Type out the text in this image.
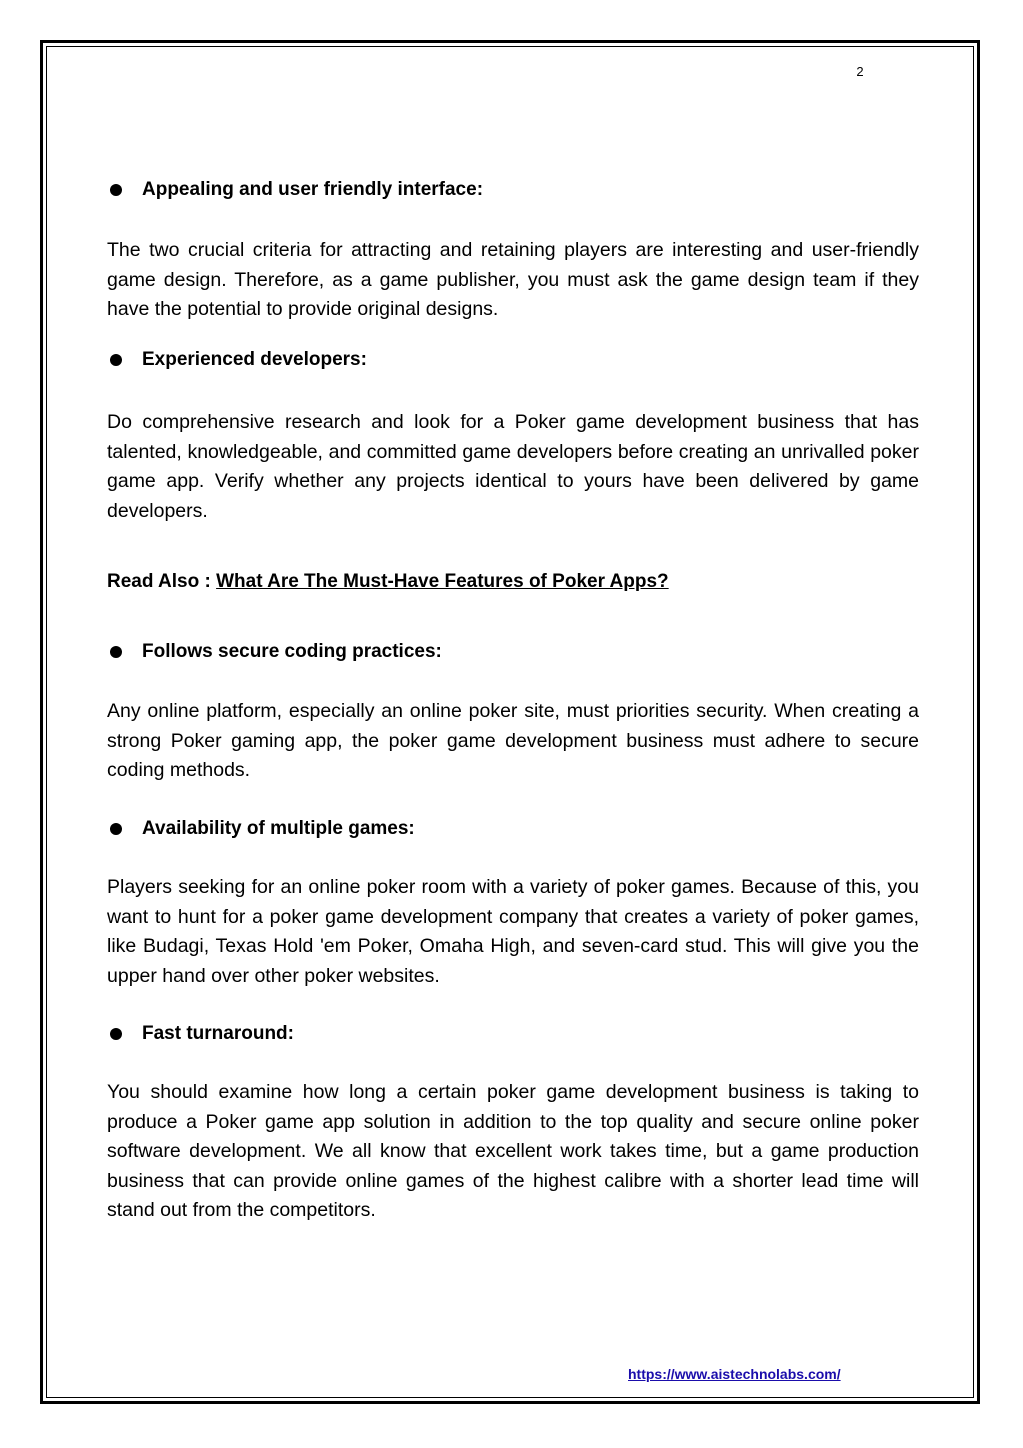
2
Appealing and user friendly interface:
The two crucial criteria for attracting and retaining players are interesting and user-friendly game design. Therefore, as a game publisher, you must ask the game design team if they have the potential to provide original designs.
Experienced developers:
Do comprehensive research and look for a Poker game development business that has talented, knowledgeable, and committed game developers before creating an unrivalled poker game app. Verify whether any projects identical to yours have been delivered by game developers.
Read Also : What Are The Must-Have Features of Poker Apps?
Follows secure coding practices:
Any online platform, especially an online poker site, must priorities security. When creating a strong Poker gaming app, the poker game development business must adhere to secure coding methods.
Availability of multiple games:
Players seeking for an online poker room with a variety of poker games. Because of this, you want to hunt for a poker game development company that creates a variety of poker games, like Budagi, Texas Hold 'em Poker, Omaha High, and seven-card stud. This will give you the upper hand over other poker websites.
Fast turnaround:
You should examine how long a certain poker game development business is taking to produce a Poker game app solution in addition to the top quality and secure online poker software development. We all know that excellent work takes time, but a game production business that can provide online games of the highest calibre with a shorter lead time will stand out from the competitors.
https://www.aistechnolabs.com/
